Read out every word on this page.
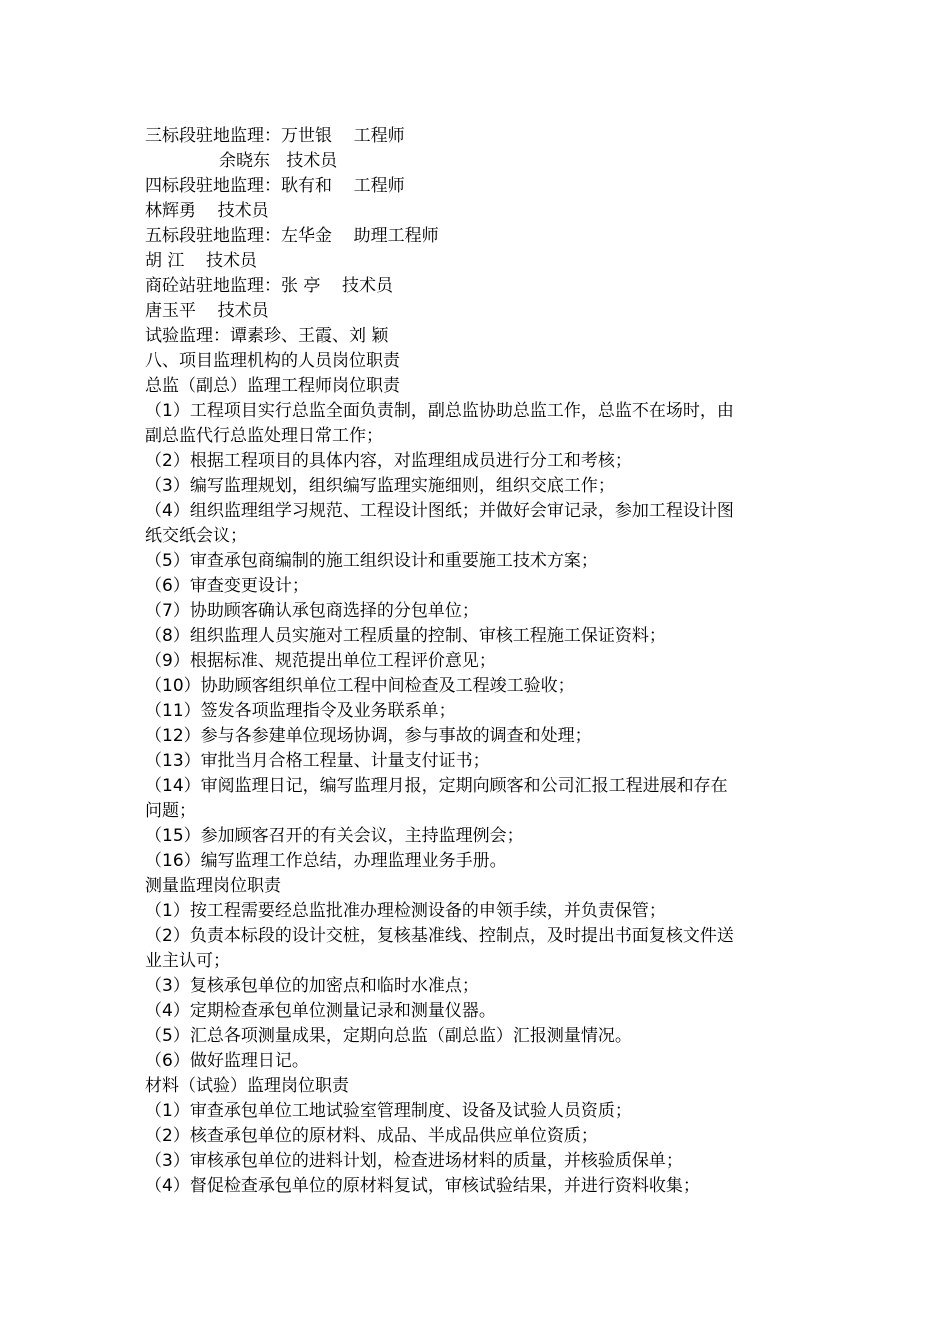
三标段驻地监理：万世银    工程师
余晓东   技术员
四标段驻地监理：耿有和    工程师
林辉勇    技术员
五标段驻地监理：左华金    助理工程师
胡 江    技术员
商砼站驻地监理：张 亭    技术员
唐玉平    技术员
试验监理：谭素珍、王霞、刘 颖
八、项目监理机构的人员岗位职责
总监（副总）监理工程师岗位职责
（1）工程项目实行总监全面负责制，副总监协助总监工作，总监不在场时，由
副总监代行总监处理日常工作；
（2）根据工程项目的具体内容，对监理组成员进行分工和考核；
（3）编写监理规划，组织编写监理实施细则，组织交底工作；
（4）组织监理组学习规范、工程设计图纸；并做好会审记录，参加工程设计图
纸交纸会议；
（5）审查承包商编制的施工组织设计和重要施工技术方案；
（6）审查变更设计；
（7）协助顾客确认承包商选择的分包单位；
（8）组织监理人员实施对工程质量的控制、审核工程施工保证资料；
（9）根据标准、规范提出单位工程评价意见；
（10）协助顾客组织单位工程中间检查及工程竣工验收；
（11）签发各项监理指令及业务联系单；
（12）参与各参建单位现场协调，参与事故的调查和处理；
（13）审批当月合格工程量、计量支付证书；
（14）审阅监理日记，编写监理月报，定期向顾客和公司汇报工程进展和存在
问题；
（15）参加顾客召开的有关会议，主持监理例会；
（16）编写监理工作总结，办理监理业务手册。
测量监理岗位职责
（1）按工程需要经总监批准办理检测设备的申领手续，并负责保管；
（2）负责本标段的设计交桩，复核基准线、控制点，及时提出书面复核文件送
业主认可；
（3）复核承包单位的加密点和临时水准点；
（4）定期检查承包单位测量记录和测量仪器。
（5）汇总各项测量成果，定期向总监（副总监）汇报测量情况。
（6）做好监理日记。
材料（试验）监理岗位职责
（1）审查承包单位工地试验室管理制度、设备及试验人员资质；
（2）核查承包单位的原材料、成品、半成品供应单位资质；
（3）审核承包单位的进料计划，检查进场材料的质量，并核验质保单；
（4）督促检查承包单位的原材料复试，审核试验结果，并进行资料收集；
